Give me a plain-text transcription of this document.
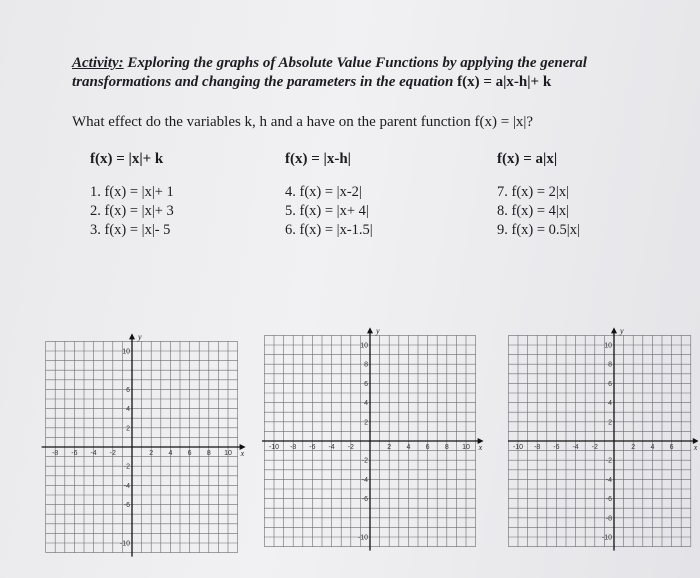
Activity: Exploring the graphs of Absolute Value Functions by applying the general transformations and changing the parameters in the equation f(x) = a|x-h|+ k
What effect do the variables k, h and a have on the parent function f(x) = |x|?
f(x) = |x|+ k
1. f(x) = |x|+ 1
2. f(x) = |x|+ 3
3. f(x) = |x|- 5
f(x) = |x-h|
4. f(x) = |x-2|
5. f(x) = |x+ 4|
6. f(x) = |x-1.5|
f(x) = a|x|
7. f(x) = 2|x|
8. f(x) = 4|x|
9. f(x) = 0.5|x|
y
x
10
6
4
2
-2
-4
-6
-10
-8 -6 -4 -2	2 4 6 8 10
y
x
10
8
6
4
2
-2
-4
-6
-10
-10 -8 -6 -4 -2	2 4 6 8 10
y
x
10
8
6
4
2
-2
-4
-6
-8
-10
-10 -8 -6 -4 -2	2 4 6
